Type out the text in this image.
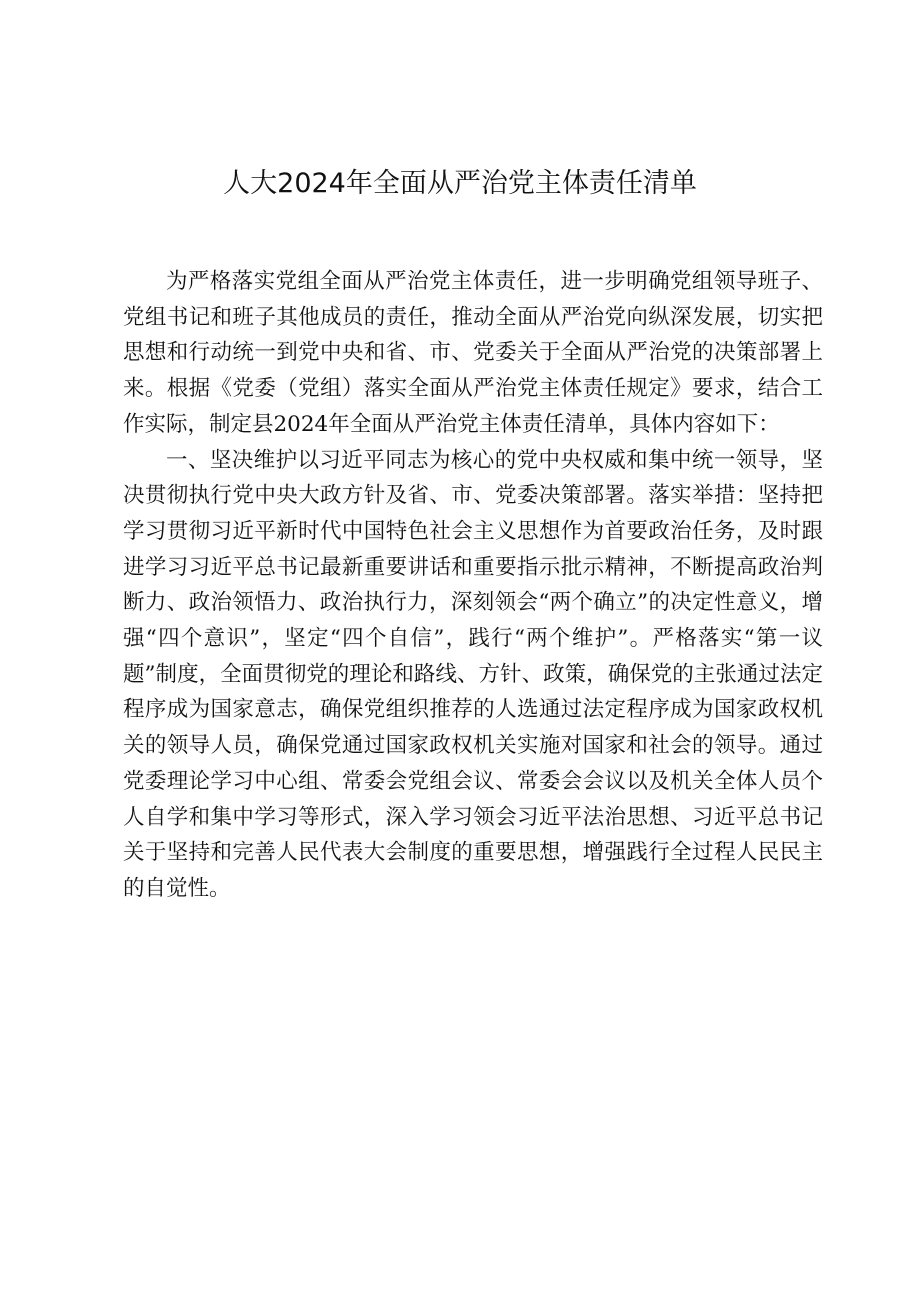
人大2024年全面从严治党主体责任清单

为严格落实党组全面从严治党主体责任，进一步明确党组领导班子、党组书记和班子其他成员的责任，推动全面从严治党向纵深发展，切实把思想和行动统一到党中央和省、市、党委关于全面从严治党的决策部署上来。根据《党委（党组）落实全面从严治党主体责任规定》要求，结合工作实际，制定县2024年全面从严治党主体责任清单，具体内容如下：

一、坚决维护以习近平同志为核心的党中央权威和集中统一领导，坚决贯彻执行党中央大政方针及省、市、党委决策部署。落实举措：坚持把学习贯彻习近平新时代中国特色社会主义思想作为首要政治任务，及时跟进学习习近平总书记最新重要讲话和重要指示批示精神，不断提高政治判断力、政治领悟力、政治执行力，深刻领会“两个确立”的决定性意义，增强“四个意识”，坚定“四个自信”，践行“两个维护”。严格落实“第一议题”制度，全面贯彻党的理论和路线、方针、政策，确保党的主张通过法定程序成为国家意志，确保党组织推荐的人选通过法定程序成为国家政权机关的领导人员，确保党通过国家政权机关实施对国家和社会的领导。通过党委理论学习中心组、常委会党组会议、常委会会议以及机关全体人员个人自学和集中学习等形式，深入学习领会习近平法治思想、习近平总书记关于坚持和完善人民代表大会制度的重要思想，增强践行全过程人民民主的自觉性。
